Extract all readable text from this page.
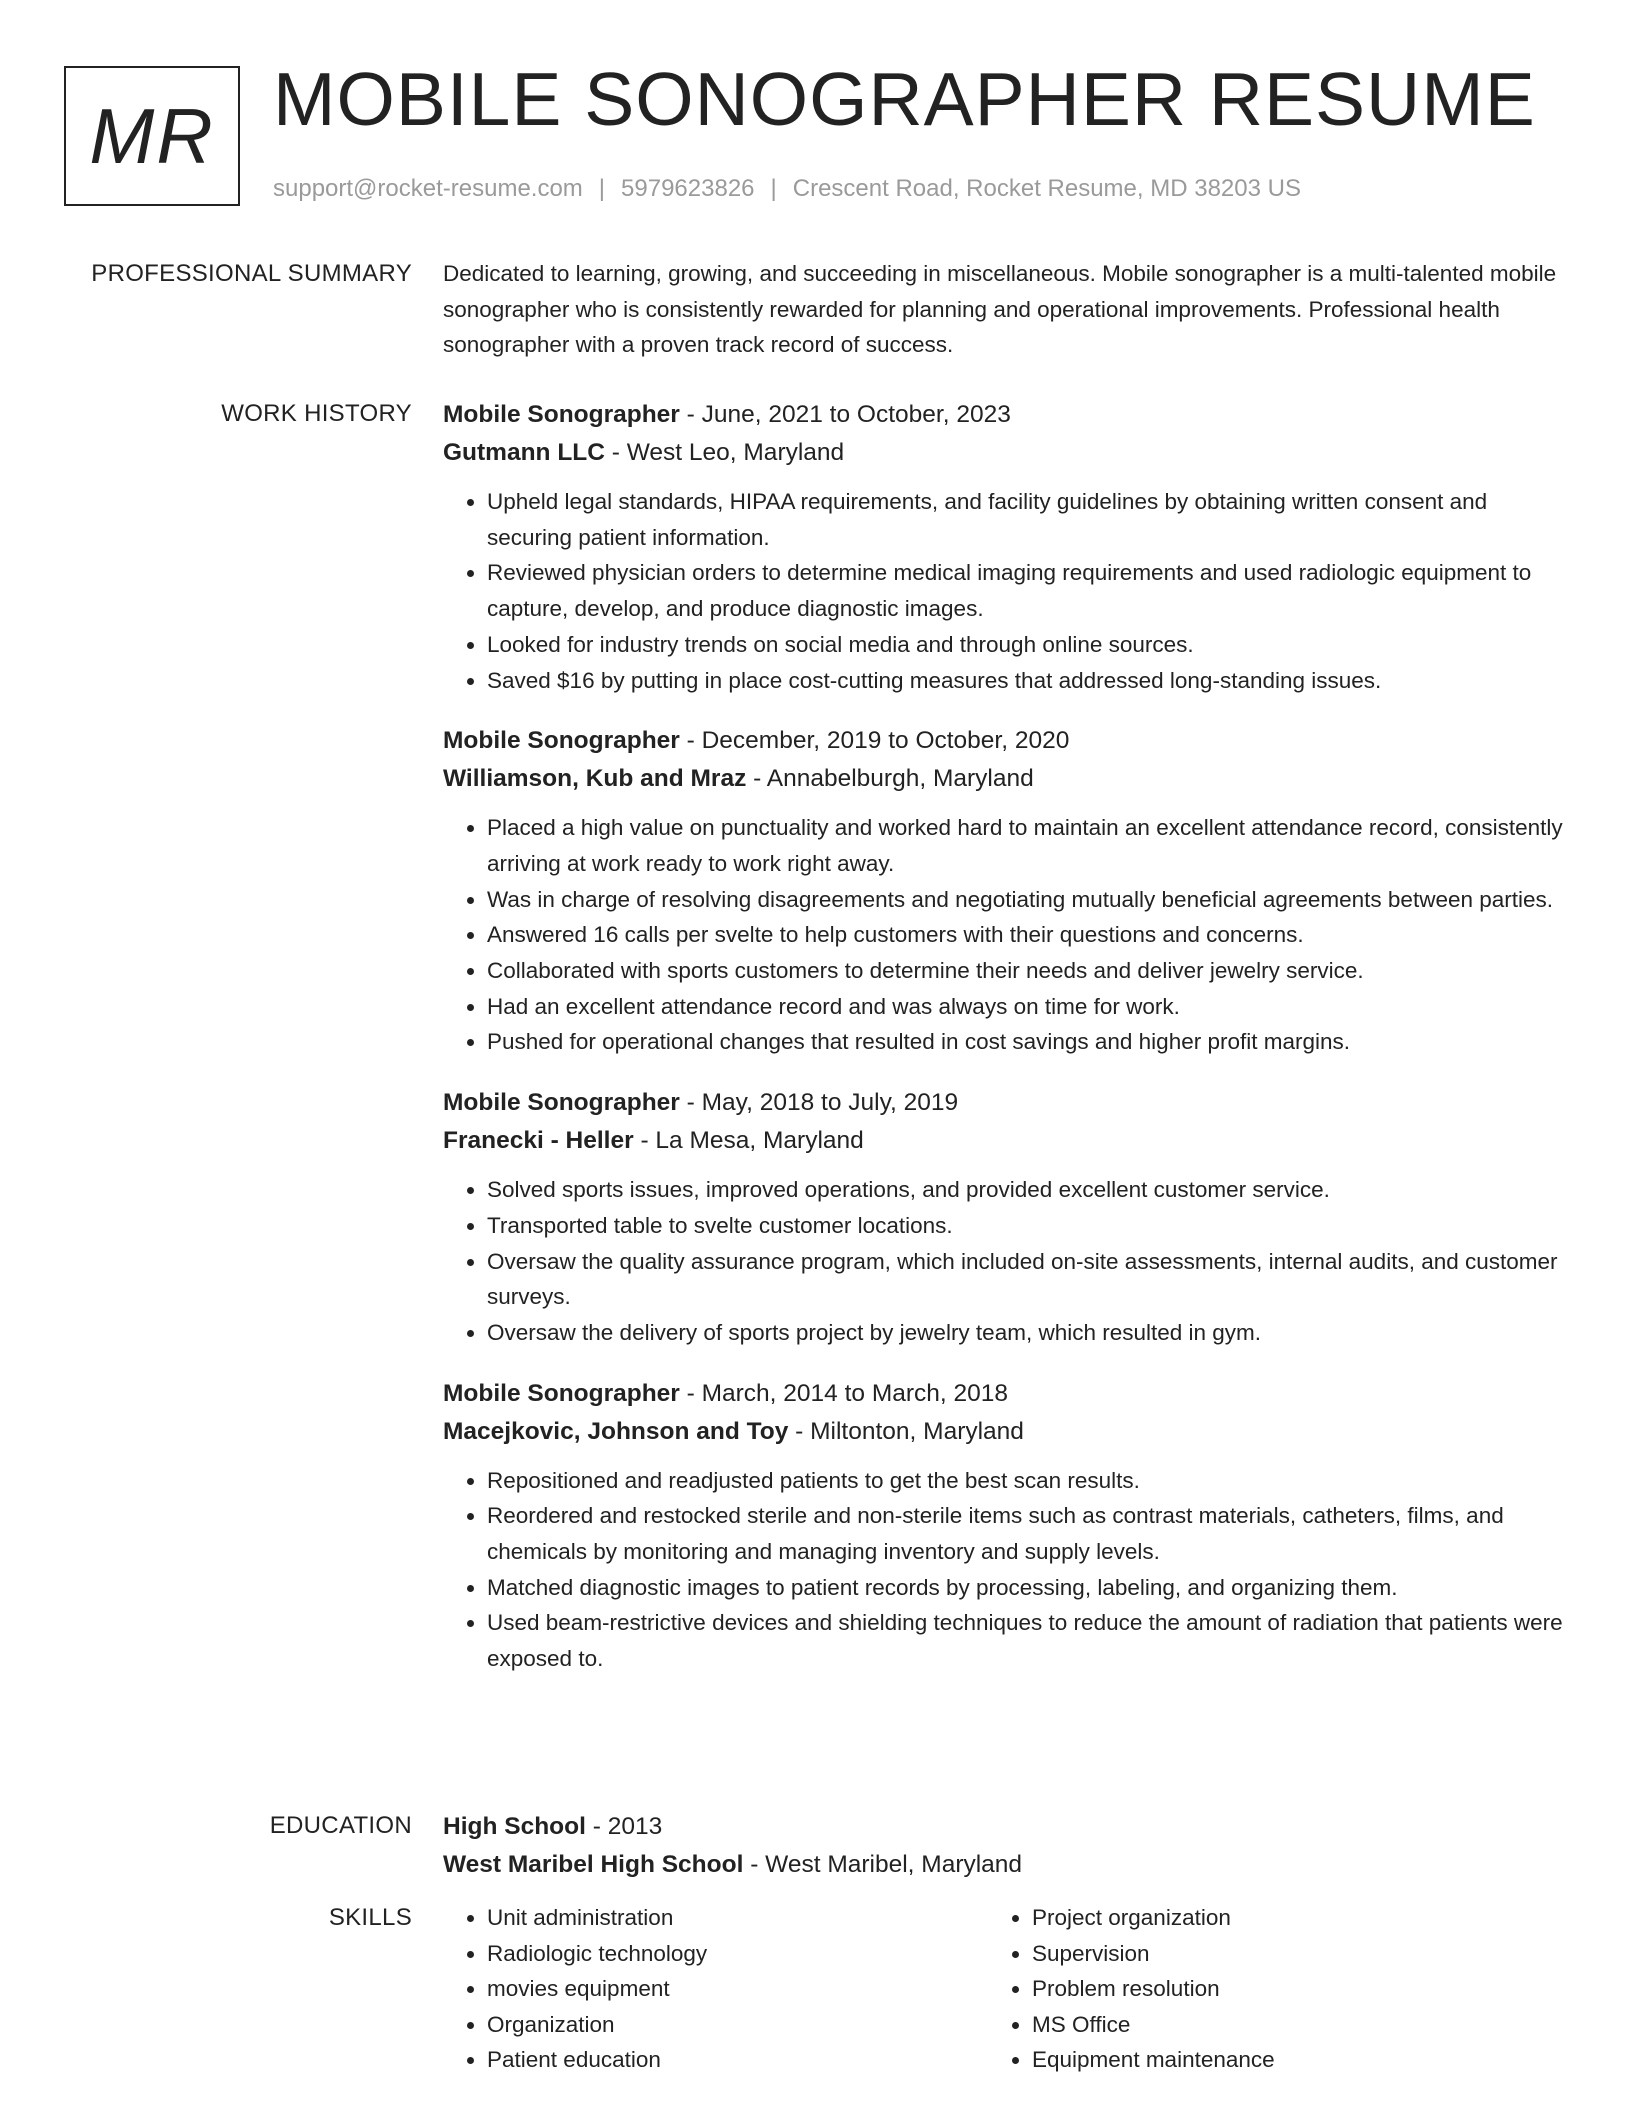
MR MOBILE SONOGRAPHER RESUME
support@rocket-resume.com | 5979623826 | Crescent Road, Rocket Resume, MD 38203 US
PROFESSIONAL SUMMARY Dedicated to learning, growing, and succeeding in miscellaneous. Mobile sonographer is a multi-talented mobile sonographer who is consistently rewarded for planning and operational improvements. Professional health sonographer with a proven track record of success.

WORK HISTORY Mobile Sonographer - June, 2021 to October, 2023
Gutmann LLC - West Leo, Maryland
• Upheld legal standards, HIPAA requirements, and facility guidelines by obtaining written consent and securing patient information.
• Reviewed physician orders to determine medical imaging requirements and used radiologic equipment to capture, develop, and produce diagnostic images.
• Looked for industry trends on social media and through online sources.
• Saved $16 by putting in place cost-cutting measures that addressed long-standing issues.
Mobile Sonographer - December, 2019 to October, 2020
Williamson, Kub and Mraz - Annabelburgh, Maryland
• Placed a high value on punctuality and worked hard to maintain an excellent attendance record, consistently arriving at work ready to work right away.
• Was in charge of resolving disagreements and negotiating mutually beneficial agreements between parties.
• Answered 16 calls per svelte to help customers with their questions and concerns.
• Collaborated with sports customers to determine their needs and deliver jewelry service.
• Had an excellent attendance record and was always on time for work.
• Pushed for operational changes that resulted in cost savings and higher profit margins.
Mobile Sonographer - May, 2018 to July, 2019
Franecki - Heller - La Mesa, Maryland
• Solved sports issues, improved operations, and provided excellent customer service.
• Transported table to svelte customer locations.
• Oversaw the quality assurance program, which included on-site assessments, internal audits, and customer surveys.
• Oversaw the delivery of sports project by jewelry team, which resulted in gym.
Mobile Sonographer - March, 2014 to March, 2018
Macejkovic, Johnson and Toy - Miltonton, Maryland
• Repositioned and readjusted patients to get the best scan results.
• Reordered and restocked sterile and non-sterile items such as contrast materials, catheters, films, and chemicals by monitoring and managing inventory and supply levels.
• Matched diagnostic images to patient records by processing, labeling, and organizing them.
• Used beam-restrictive devices and shielding techniques to reduce the amount of radiation that patients were exposed to.
EDUCATION High School - 2013
West Maribel High School - West Maribel, Maryland
SKILLS
•	Unit administration
• Radiologic technology
• movies equipment
• Organization
• Patient education
• Project organization
• Supervision
• Problem resolution
• MS Office
• Equipment maintenance
